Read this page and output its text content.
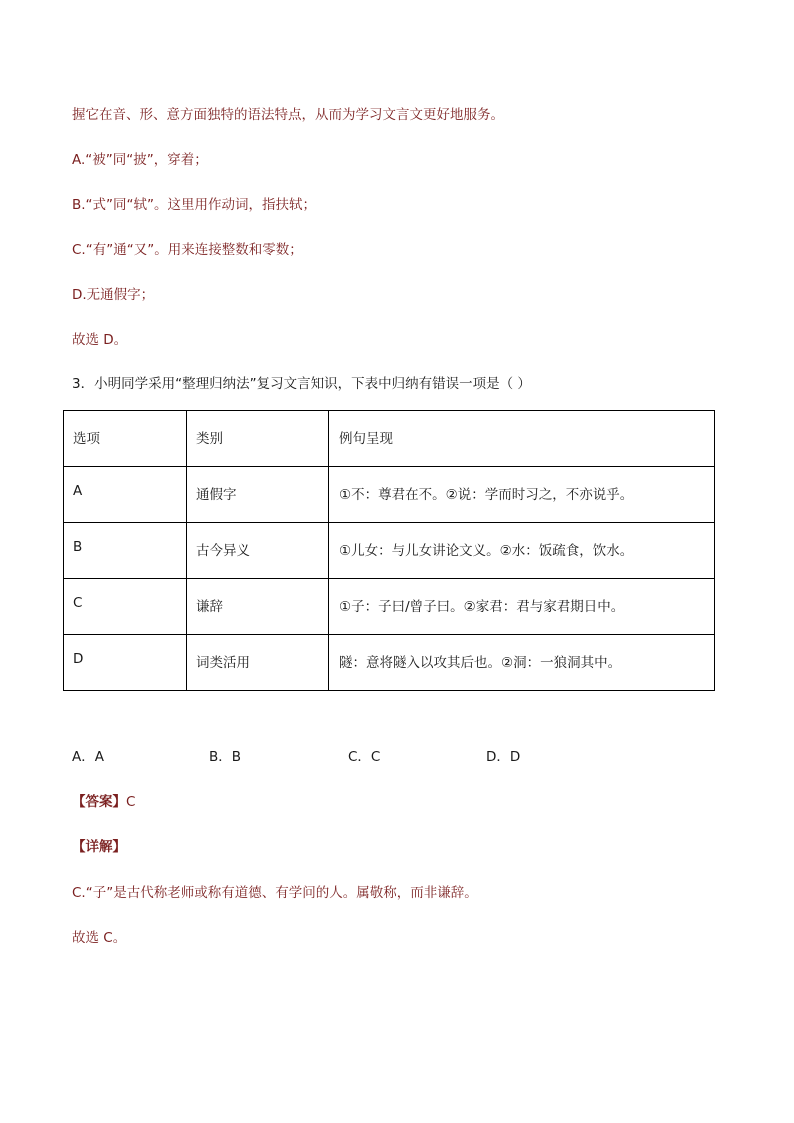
握它在音、形、意方面独特的语法特点，从而为学习文言文更好地服务。
A.“被”同“披”，穿着；
B.“式”同“轼”。这里用作动词，指扶轼；
C.“有”通“又”。用来连接整数和零数；
D.无通假字；
故选 D。
3．小明同学采用“整理归纳法”复习文言知识，下表中归纳有错误一项是（ ）
选项	类别	例句呈现
A	通假字	①不：尊君在不。②说：学而时习之，不亦说乎。
B	古今异义	①儿女：与儿女讲论文义。②水：饭疏食，饮水。
C	谦辞	①子：子曰/曾子曰。②家君：君与家君期日中。
D	词类活用	隧：意将隧入以攻其后也。②洞：一狼洞其中。
A．A	B．B	C．C	D．D
【答案】C
【详解】
C.“子”是古代称老师或称有道德、有学问的人。属敬称，而非谦辞。
故选 C。
